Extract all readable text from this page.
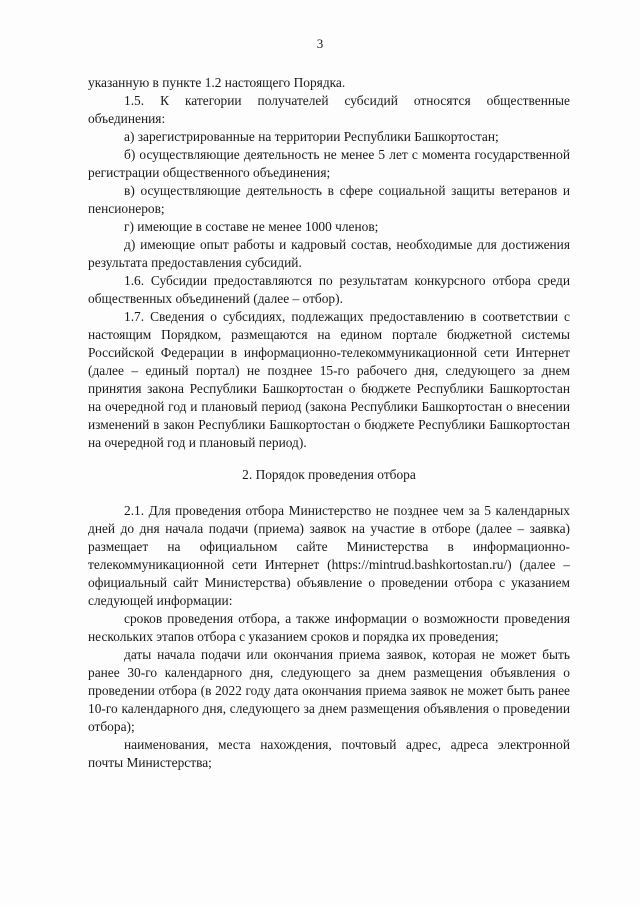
3

указанную в пункте 1.2 настоящего Порядка.

1.5. К категории получателей субсидий относятся общественные объединения:

а) зарегистрированные на территории Республики Башкортостан;

б) осуществляющие деятельность не менее 5 лет с момента государственной регистрации общественного объединения;

в) осуществляющие деятельность в сфере социальной защиты ветеранов и пенсионеров;

г) имеющие в составе не менее 1000 членов;

д) имеющие опыт работы и кадровый состав, необходимые для достижения результата предоставления субсидий.

1.6. Субсидии предоставляются по результатам конкурсного отбора среди общественных объединений (далее – отбор).

1.7. Сведения о субсидиях, подлежащих предоставлению в соответствии с настоящим Порядком, размещаются на едином портале бюджетной системы Российской Федерации в информационно-телекоммуникационной сети Интернет (далее – единый портал) не позднее 15-го рабочего дня, следующего за днем принятия закона Республики Башкортостан о бюджете Республики Башкортостан на очередной год и плановый период (закона Республики Башкортостан о внесении изменений в закон Республики Башкортостан о бюджете Республики Башкортостан на очередной год и плановый период).

2. Порядок проведения отбора

2.1. Для проведения отбора Министерство не позднее чем за 5 календарных дней до дня начала подачи (приема) заявок на участие в отборе (далее – заявка) размещает на официальном сайте Министерства в информационно-телекоммуникационной сети Интернет (https://mintrud.bashkortostan.ru/) (далее – официальный сайт Министерства) объявление о проведении отбора с указанием следующей информации:

сроков проведения отбора, а также информации о возможности проведения нескольких этапов отбора с указанием сроков и порядка их проведения;

даты начала подачи или окончания приема заявок, которая не может быть ранее 30-го календарного дня, следующего за днем размещения объявления о проведении отбора (в 2022 году дата окончания приема заявок не может быть ранее 10-го календарного дня, следующего за днем размещения объявления о проведении отбора);

наименования, места нахождения, почтовый адрес, адреса электронной почты Министерства;
